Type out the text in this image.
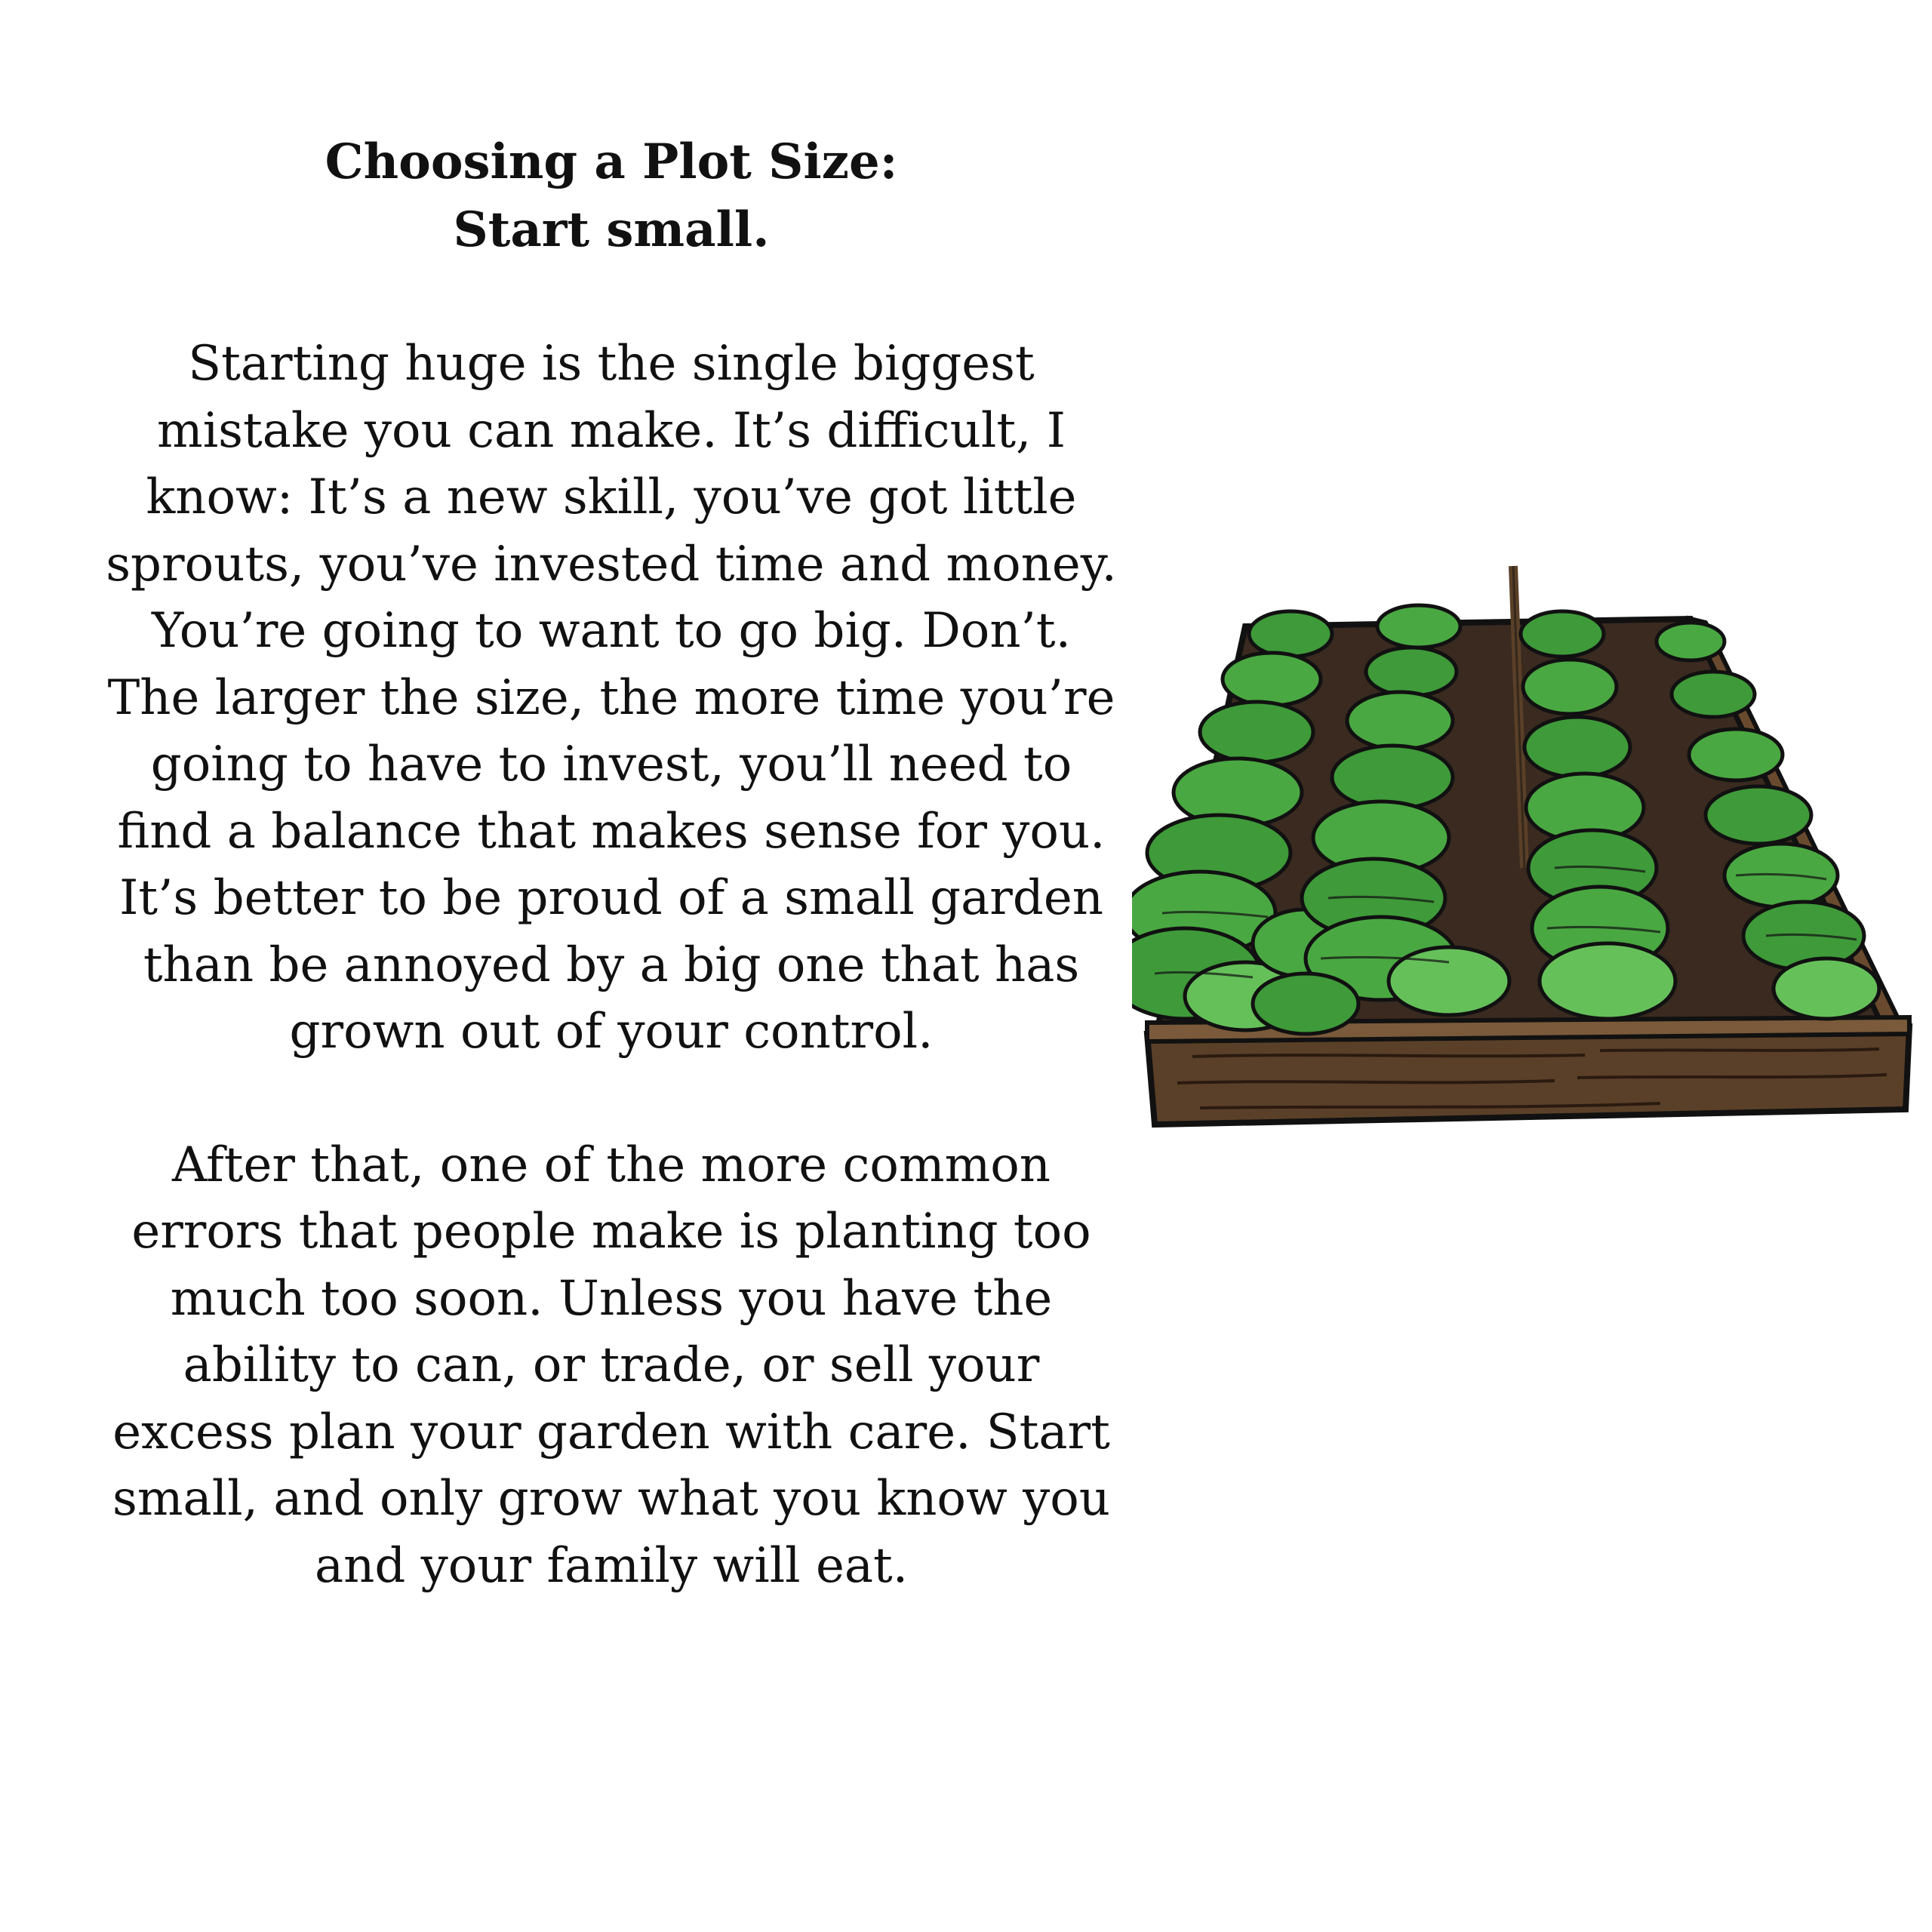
Choosing a Plot Size:
Start small.

Starting huge is the single biggest mistake you can make. It’s difficult, I know: It’s a new skill, you’ve got little sprouts, you’ve invested time and money. You’re going to want to go big. Don’t. The larger the size, the more time you’re going to have to invest, you’ll need to find a balance that makes sense for you. It’s better to be proud of a small garden than be annoyed by a big one that has grown out of your control.

After that, one of the more common errors that people make is planting too much too soon. Unless you have the ability to can, or trade, or sell your excess plan your garden with care. Start small, and only grow what you know you and your family will eat.
